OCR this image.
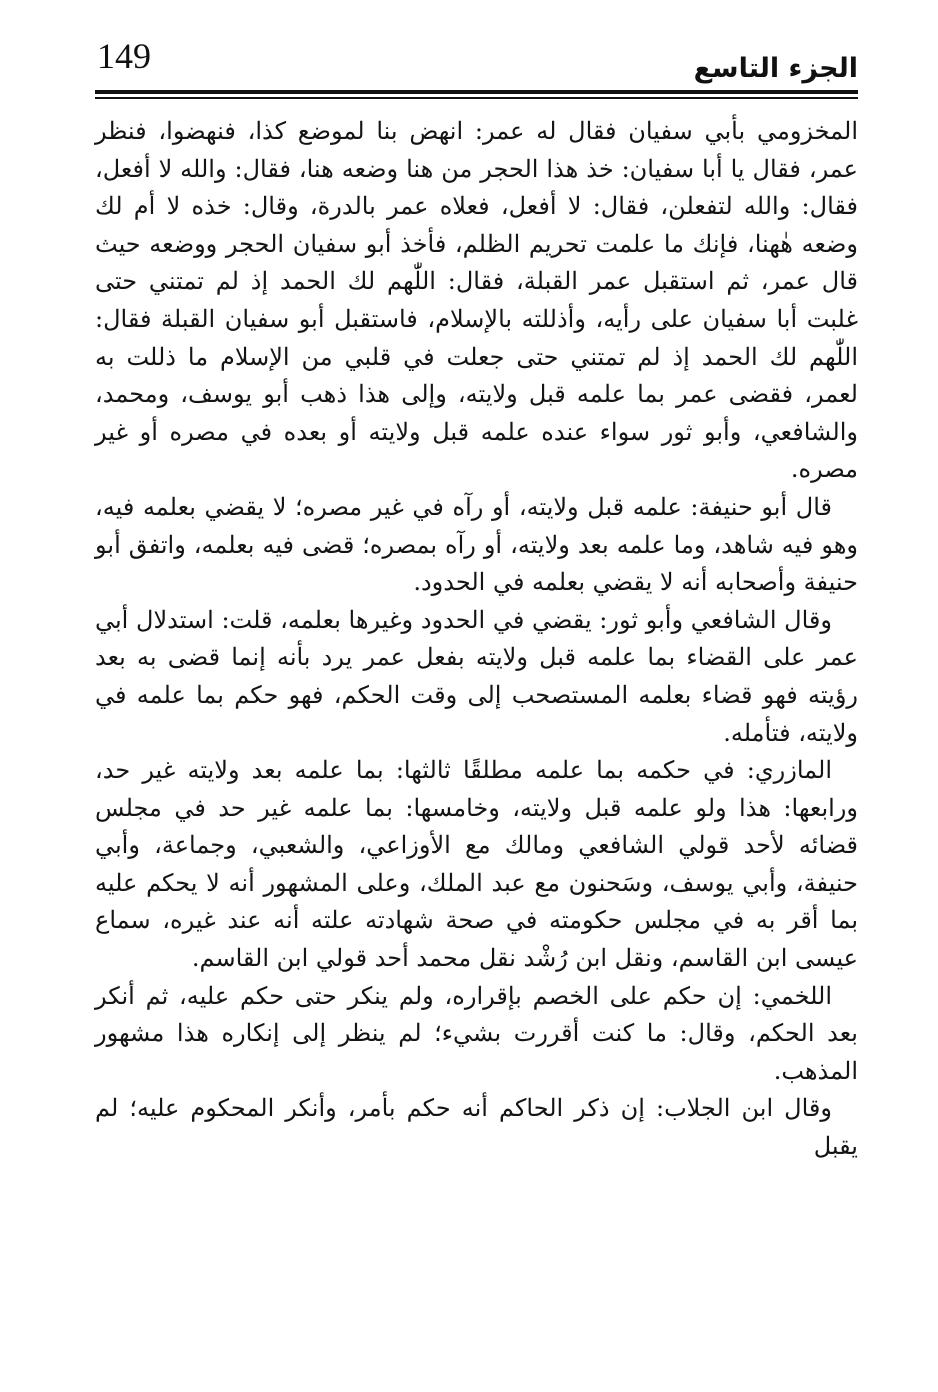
149	الجزء التاسع

المخزومي بأبي سفيان فقال له عمر: انهض بنا لموضع كذا، فنهضوا، فنظر عمر، فقال يا أبا سفيان: خذ هذا الحجر من هنا وضعه هنا، فقال: والله لا أفعل، فقال: والله لتفعلن، فقال: لا أفعل، فعلاه عمر بالدرة، وقال: خذه لا أم لك وضعه هٰهنا، فإنك ما علمت تحريم الظلم، فأخذ أبو سفيان الحجر ووضعه حيث قال عمر، ثم استقبل عمر القبلة، فقال: اللّٰهم لك الحمد إذ لم تمتني حتى غلبت أبا سفيان على رأيه، وأذللته بالإسلام، فاستقبل أبو سفيان القبلة فقال: اللّٰهم لك الحمد إذ لم تمتني حتى جعلت في قلبي من الإسلام ما ذللت به لعمر، فقضى عمر بما علمه قبل ولايته، وإلى هذا ذهب أبو يوسف، ومحمد، والشافعي، وأبو ثور سواء عنده علمه قبل ولايته أو بعده في مصره أو غير مصره.

قال أبو حنيفة: علمه قبل ولايته، أو رآه في غير مصره؛ لا يقضي بعلمه فيه، وهو فيه شاهد، وما علمه بعد ولايته، أو رآه بمصره؛ قضى فيه بعلمه، واتفق أبو حنيفة وأصحابه أنه لا يقضي بعلمه في الحدود.

وقال الشافعي وأبو ثور: يقضي في الحدود وغيرها بعلمه، قلت: استدلال أبي عمر على القضاء بما علمه قبل ولايته بفعل عمر يرد بأنه إنما قضى به بعد رؤيته فهو قضاء بعلمه المستصحب إلى وقت الحكم، فهو حكم بما علمه في ولايته، فتأمله.

المازري: في حكمه بما علمه مطلقًا ثالثها: بما علمه بعد ولايته غير حد، ورابعها: هذا ولو علمه قبل ولايته، وخامسها: بما علمه غير حد في مجلس قضائه لأحد قولي الشافعي ومالك مع الأوزاعي، والشعبي، وجماعة، وأبي حنيفة، وأبي يوسف، وسَحنون مع عبد الملك، وعلى المشهور أنه لا يحكم عليه بما أقر به في مجلس حكومته في صحة شهادته علته أنه عند غيره، سماع عيسى ابن القاسم، ونقل ابن رُشْد نقل محمد أحد قولي ابن القاسم.

اللخمي: إن حكم على الخصم بإقراره، ولم ينكر حتى حكم عليه، ثم أنكر بعد الحكم، وقال: ما كنت أقررت بشيء؛ لم ينظر إلى إنكاره هذا مشهور المذهب.

وقال ابن الجلاب: إن ذكر الحاكم أنه حكم بأمر، وأنكر المحكوم عليه؛ لم يقبل
